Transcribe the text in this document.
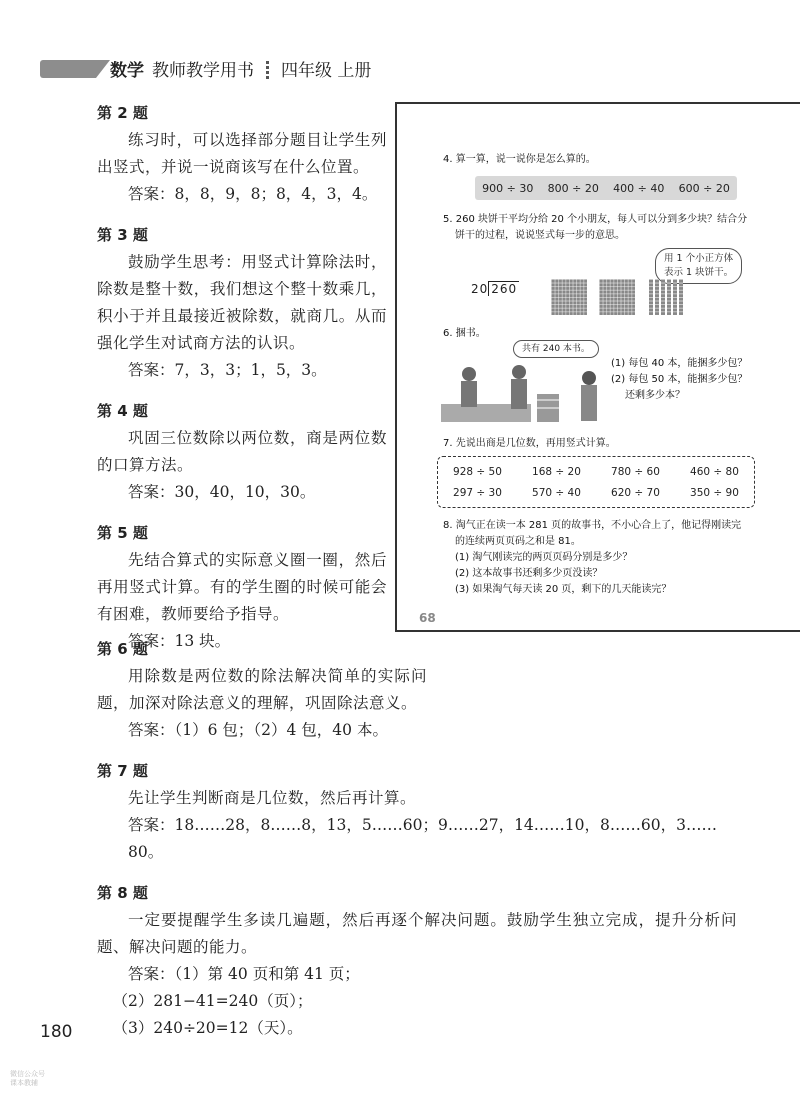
数学 教师教学用书 四年级 上册
第 2 题
练习时，可以选择部分题目让学生列出竖式，并说一说商该写在什么位置。
答案：8，8，9，8；8，4，3，4。
第 3 题
鼓励学生思考：用竖式计算除法时，除数是整十数，我们想这个整十数乘几，积小于并且最接近被除数，就商几。从而强化学生对试商方法的认识。
答案：7，3，3；1，5，3。
第 4 题
巩固三位数除以两位数，商是两位数的口算方法。
答案：30，40，10，30。
第 5 题
先结合算式的实际意义圈一圈，然后再用竖式计算。有的学生圈的时候可能会有困难，教师要给予指导。
答案：13 块。
第 6 题
用除数是两位数的除法解决简单的实际问题，加深对除法意义的理解，巩固除法意义。
答案：（1）6 包；（2）4 包，40 本。
第 7 题
先让学生判断商是几位数，然后再计算。
答案：18……28，8……8，13，5……60；9……27，14……10，8……60，3……80。
第 8 题
一定要提醒学生多读几遍题，然后再逐个解决问题。鼓励学生独立完成，提升分析问题、解决问题的能力。
答案：（1）第 40 页和第 41 页；
（2）281−41=240（页）；
（3）240÷20=12（天）。
4. 算一算，说一说你是怎么算的。
900 ÷ 30 800 ÷ 20 400 ÷ 40 600 ÷ 20
5. 260 块饼干平均分给 20 个小朋友，每人可以分到多少块？结合分
饼干的过程，说说竖式每一步的意思。
用 1 个小正方体
表示 1 块饼干。
20 260
6. 捆书。
共有 240 本书。
(1) 每包 40 本，能捆多少包？
(2) 每包 50 本，能捆多少包？
还剩多少本？
7. 先说出商是几位数，再用竖式计算。
928 ÷ 50	168 ÷ 20	780 ÷ 60	460 ÷ 80
297 ÷ 30	570 ÷ 40	620 ÷ 70	350 ÷ 90
8. 淘气正在读一本 281 页的故事书，不小心合上了，他记得刚读完
的连续两页页码之和是 81。
(1) 淘气刚读完的两页页码分别是多少？
(2) 这本故事书还剩多少页没读？
(3) 如果淘气每天读 20 页，剩下的几天能读完？
68
180
微信公众号
课本教辅
